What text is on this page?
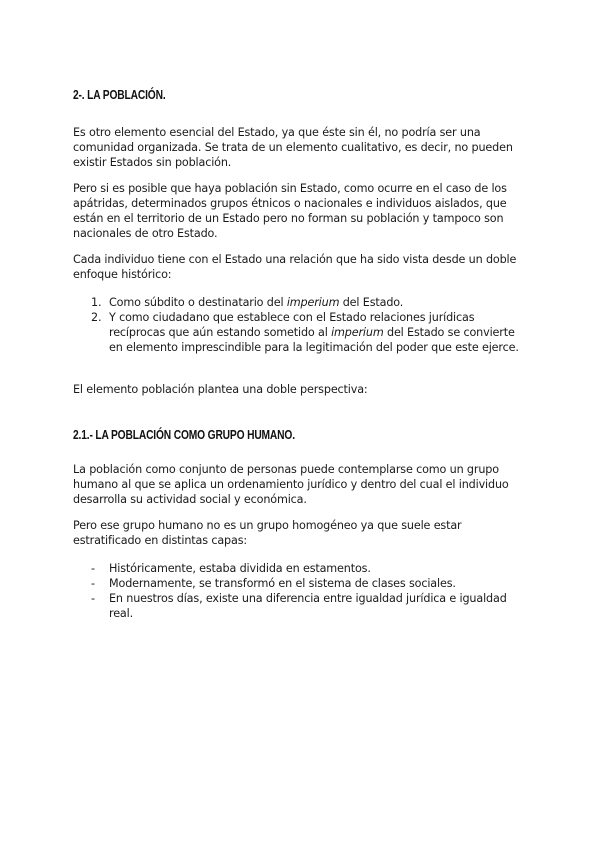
2-. LA POBLACIÓN.

Es otro elemento esencial del Estado, ya que éste sin él, no podría ser una comunidad organizada. Se trata de un elemento cualitativo, es decir, no pueden existir Estados sin población.

Pero si es posible que haya población sin Estado, como ocurre en el caso de los apátridas, determinados grupos étnicos o nacionales e individuos aislados, que están en el territorio de un Estado pero no forman su población y tampoco son nacionales de otro Estado.

Cada individuo tiene con el Estado una relación que ha sido vista desde un doble enfoque histórico:

1. Como súbdito o destinatario del imperium del Estado.
2. Y como ciudadano que establece con el Estado relaciones jurídicas recíprocas que aún estando sometido al imperium del Estado se convierte en elemento imprescindible para la legitimación del poder que este ejerce.

El elemento población plantea una doble perspectiva:

2.1.- LA POBLACIÓN COMO GRUPO HUMANO.

La población como conjunto de personas puede contemplarse como un grupo humano al que se aplica un ordenamiento jurídico y dentro del cual el individuo desarrolla su actividad social y económica.

Pero ese grupo humano no es un grupo homogéneo ya que suele estar estratificado en distintas capas:

-	Históricamente, estaba dividida en estamentos.
-	Modernamente, se transformó en el sistema de clases sociales.
-	En nuestros días, existe una diferencia entre igualdad jurídica e igualdad real.
